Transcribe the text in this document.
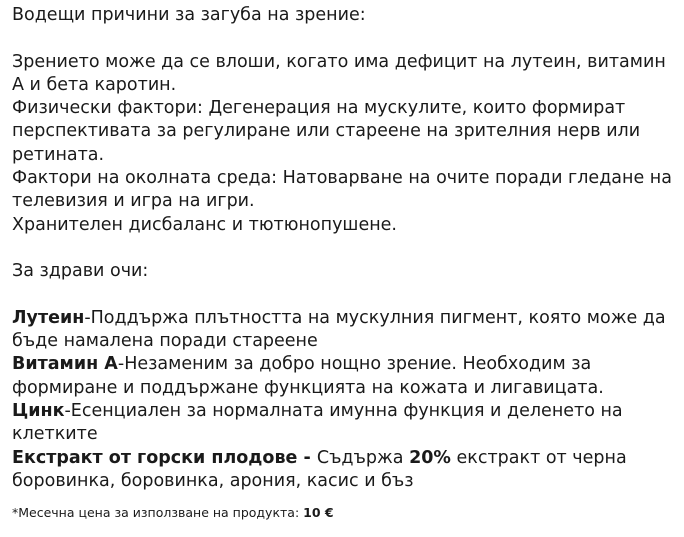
Водещи причини за загуба на зрение:

Зрението може да се влоши, когато има дефицит на лутеин, витамин А и бета каротин.

Физически фактори: Дегенерация на мускулите, които формират перспективата за регулиране или стареене на зрителния нерв или ретината.

Фактори на околната среда: Натоварване на очите поради гледане на телевизия и игра на игри.

Хранителен дисбаланс и тютюнопушене.

За здрави очи:

Лутеин-Поддържа плътността на мускулния пигмент, която може да бъде намалена поради стареене

Витамин А-Незаменим за добро нощно зрение. Необходим за формиране и поддържане функцията на кожата и лигавицата.

Цинк-Есенциален за нормалната имунна функция и деленето на клетките

Екстракт от горски плодове - Съдържа 20% екстракт от черна боровинка, боровинка, арония, касис и бъз

*Месечна цена за използване на продукта: 10 €
